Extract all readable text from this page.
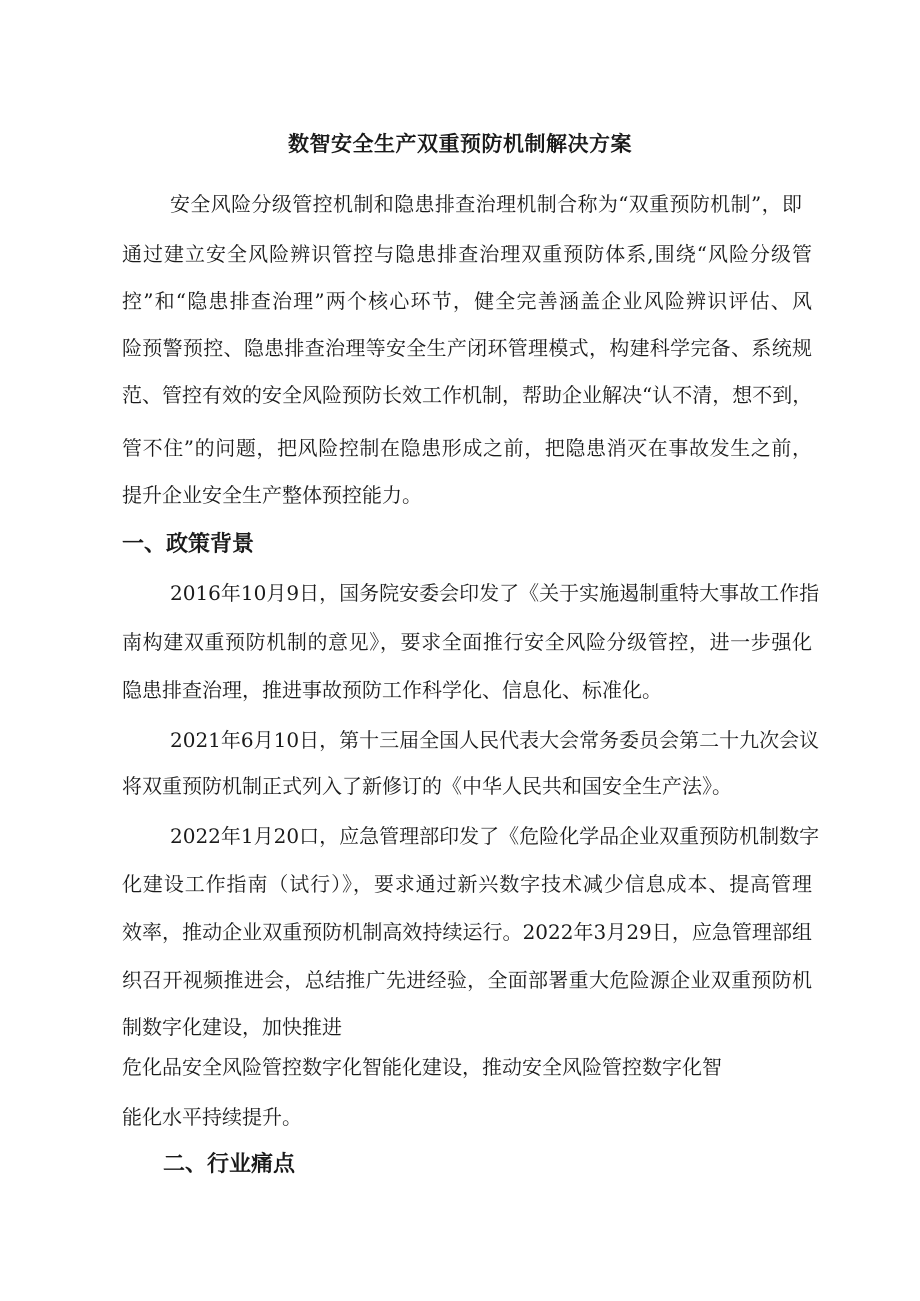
数智安全生产双重预防机制解决方案
安全风险分级管控机制和隐患排查治理机制合称为“双重预防机制”，即
通过建立安全风险辨识管控与隐患排查治理双重预防体系,围绕“风险分级管
控”和“隐患排查治理”两个核心环节，健全完善涵盖企业风险辨识评估、风
险预警预控、隐患排查治理等安全生产闭环管理模式，构建科学完备、系统规
范、管控有效的安全风险预防长效工作机制，帮助企业解决“认不清，想不到，
管不住”的问题，把风险控制在隐患形成之前，把隐患消灭在事故发生之前，
提升企业安全生产整体预控能力。
一、政策背景
2016年10月9日，国务院安委会印发了《关于实施遏制重特大事故工作指
南构建双重预防机制的意见》，要求全面推行安全风险分级管控，进一步强化
隐患排查治理，推进事故预防工作科学化、信息化、标准化。
2021年6月10日，第十三届全国人民代表大会常务委员会第二十九次会议
将双重预防机制正式列入了新修订的《中华人民共和国安全生产法》。
2022年1月20口，应急管理部印发了《危险化学品企业双重预防机制数字
化建设工作指南（试行）》，要求通过新兴数字技术减少信息成本、提高管理
效率，推动企业双重预防机制高效持续运行。2022年3月29日，应急管理部组
织召开视频推进会，总结推广先进经验，全面部署重大危险源企业双重预防机
制数字化建设，加快推进
危化品安全风险管控数字化智能化建设，推动安全风险管控数字化智
能化水平持续提升。
二、行业痛点
